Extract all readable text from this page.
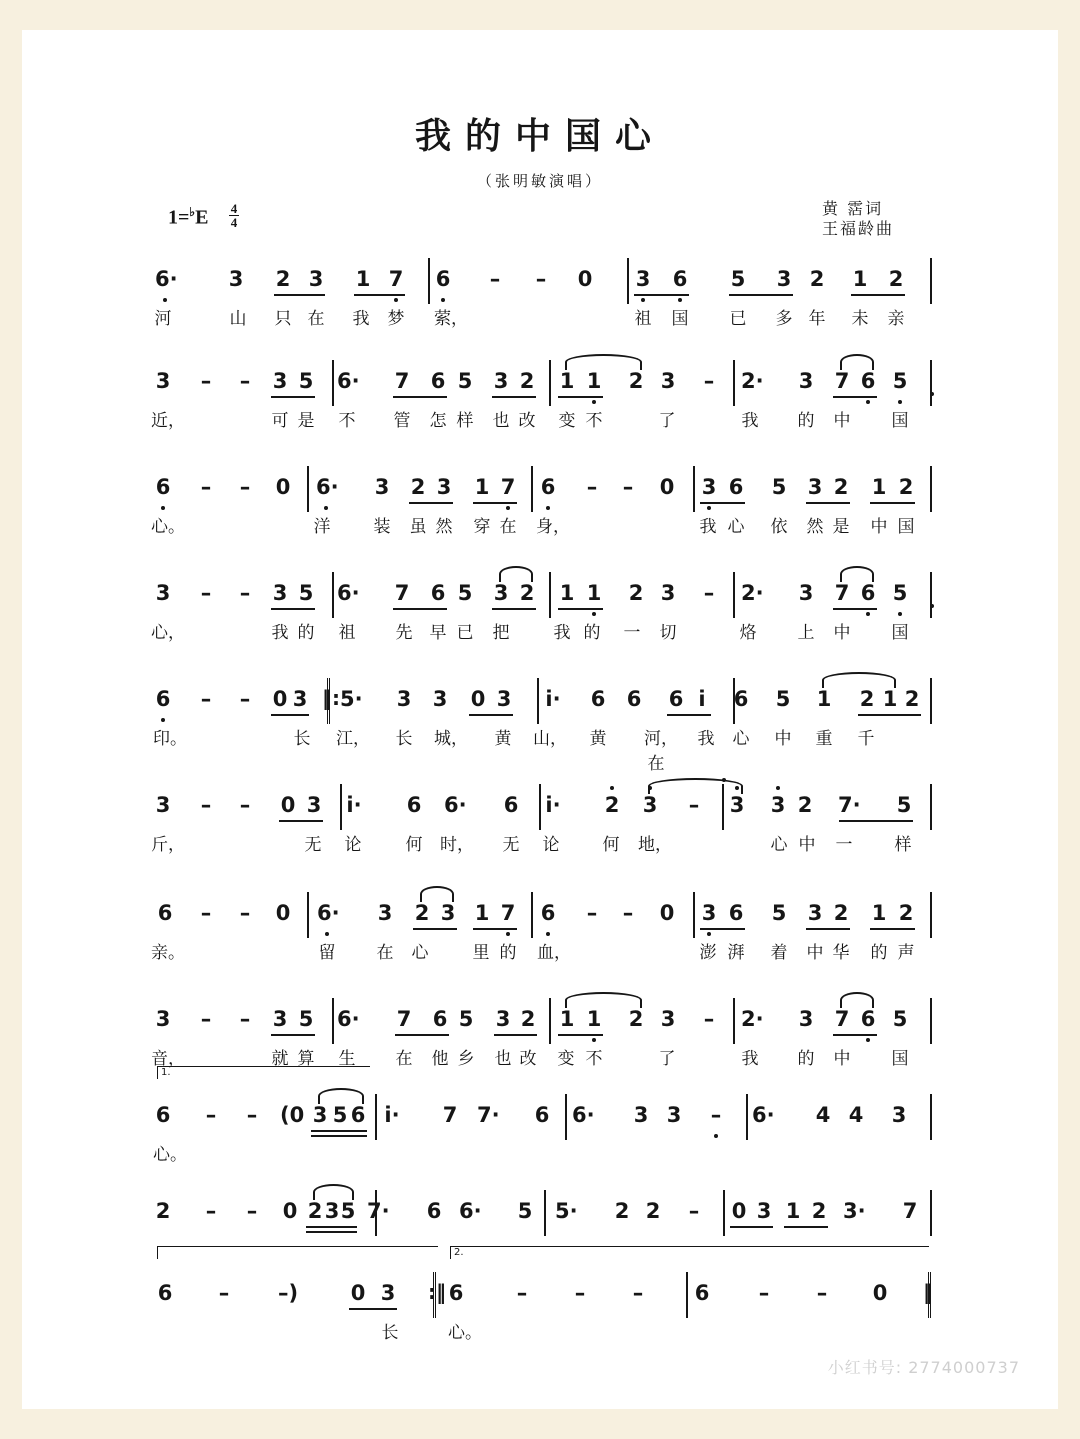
我的中国心
（张明敏演唱）
1=♭E 4
4
黄 霑词
王福龄曲
6· 3 2 3 1 7 6 – – 0 3 6 5 3 2 1 2
河	山 只 在 我 梦 萦，	祖 国 已 多 年 未 亲
3 – – 3 5 6· 7 6 5 3 2 1 1 2 3 – 2· 3 7 6 5
近，	可 是 不 管 怎 样 也 改 变 不	了	我 的 中 国
6 – – 0 6· 3 2 3 1 7 6 – – 0 3 6 5 3 2 1 2
心。	洋	装 虽 然 穿 在 身，	我 心 依 然 是 中 国
3 – – 3 5 6· 7 6 5 3 2 1 1 2 3 – 2· 3 7 6 5
心，	我 的 祖 先 早 已 把	我 的 一 切	烙 上 中 国
6 – – 0 3 ‖: 5· 3 3 0 3 i· 6 6 6 i	6 5 1 2 1 2
印。	长 江， 长 城， 黄 山， 黄 河，在
我 心 中 重 千
3 – – 0 3 i· 6 6· 6 i· 2 3 – 3 3 2 7· 5
斤，	无 论	何 时， 无 论	何 地，	心 中 一 样
6 – – 0 6· 3 2 3 1 7 6 – – 0 3 6 5 3 2 1 2
亲。	留 在 心	里 的 血，	澎 湃 着 中 华 的 声
3 – – 3 5 6· 7 6 5 3 2 1 1 2 3 – 2· 3 7 6 5
音，	就 算 生 在 他 乡 也 改 变 不	了	我 的 中 国
6 – – (0 3 5 6 i· 7 7· 6 6· 3 3 – 6· 4 4 3
心。
2 – – 0 2 3 5 7· 6 6· 5 5· 2 2 – 0 3 1 2 3· 7
6 – –)	0 3 :‖ 6	– – – 6 – – 0 ‖
长	心。
小红书号: 2774000737
1.
2.
